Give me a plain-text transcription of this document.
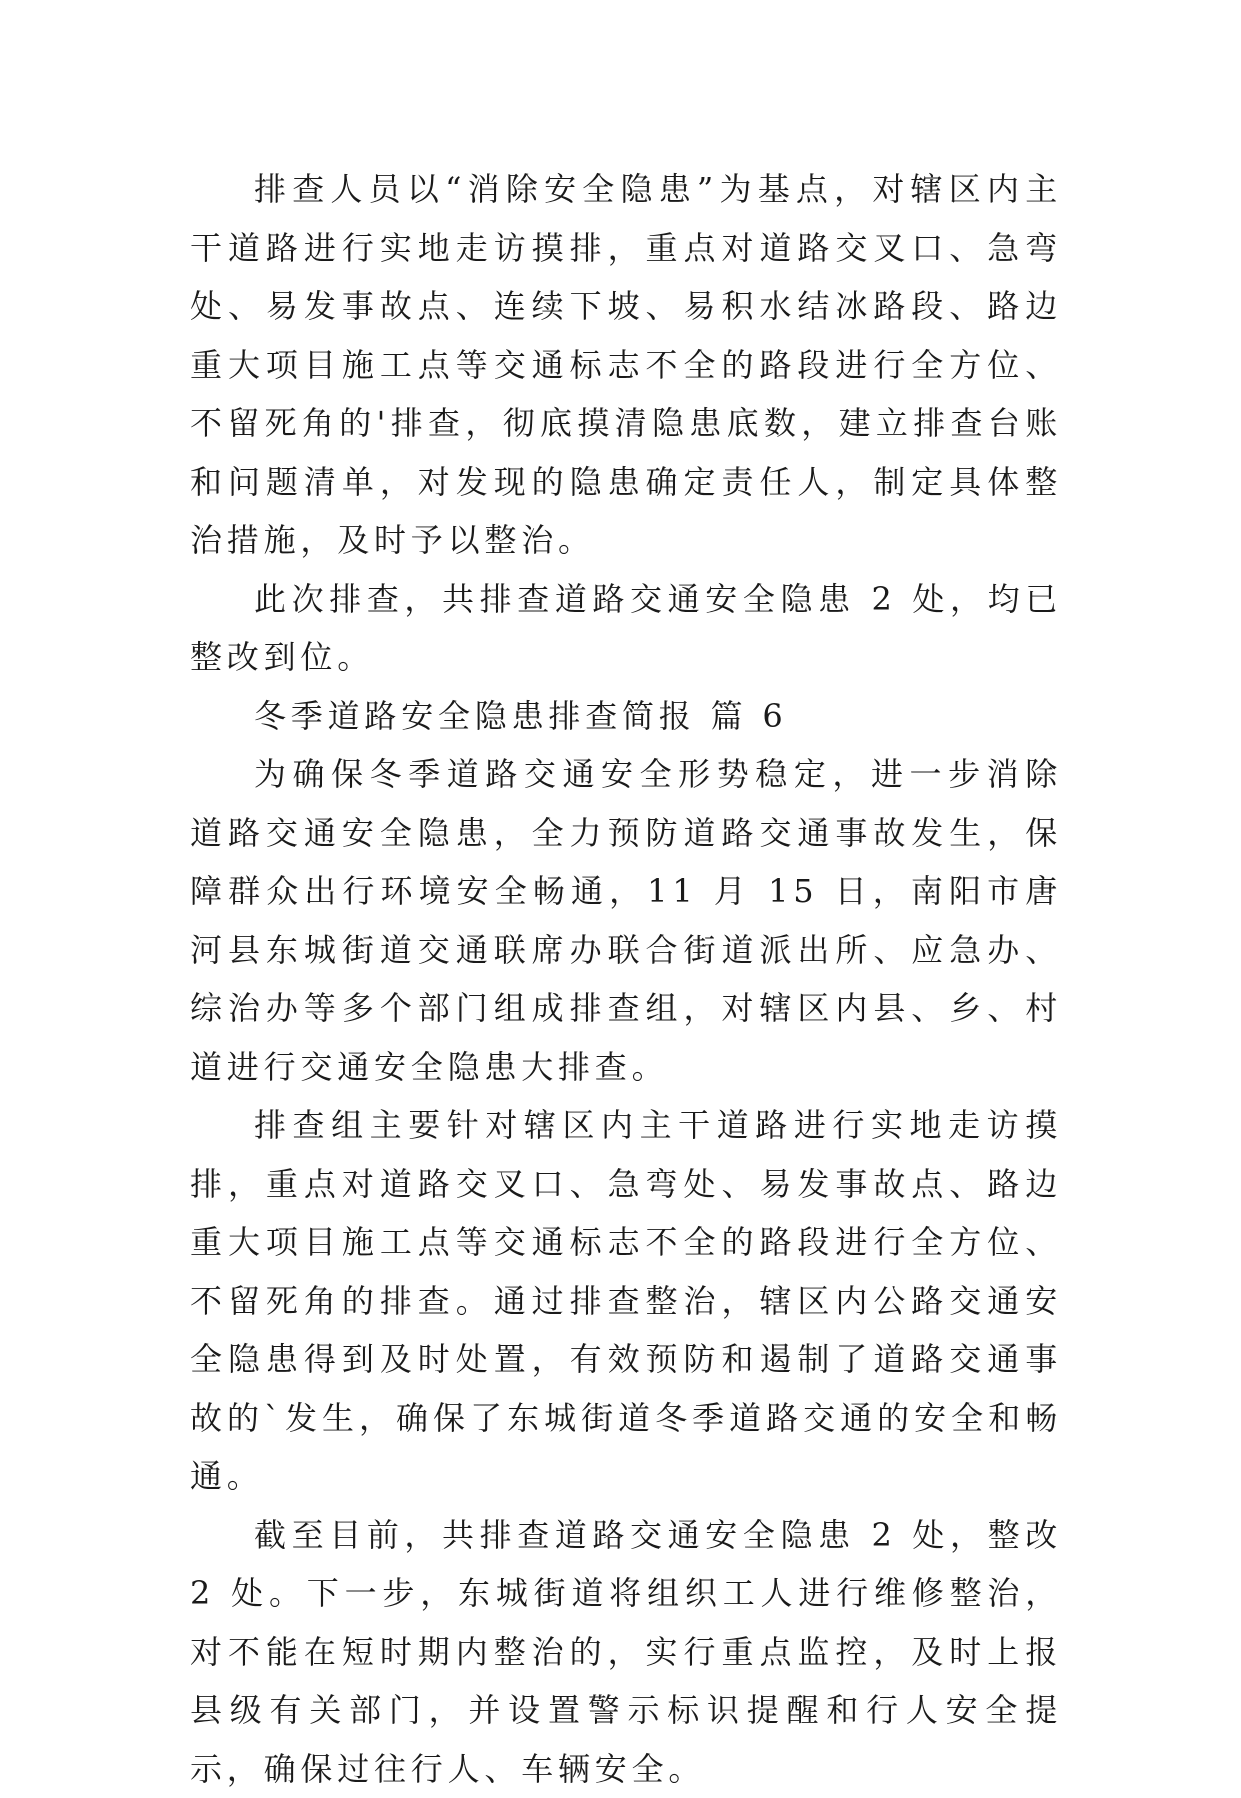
排查人员以“消除安全隐患”为基点，对辖区内主干道路进行实地走访摸排，重点对道路交叉口、急弯处、易发事故点、连续下坡、易积水结冰路段、路边重大项目施工点等交通标志不全的路段进行全方位、不留死角的'排查，彻底摸清隐患底数，建立排查台账和问题清单，对发现的隐患确定责任人，制定具体整治措施，及时予以整治。

此次排查，共排查道路交通安全隐患 2 处，均已整改到位。

冬季道路安全隐患排查简报 篇 6

为确保冬季道路交通安全形势稳定，进一步消除道路交通安全隐患，全力预防道路交通事故发生，保障群众出行环境安全畅通，11 月 15 日，南阳市唐河县东城街道交通联席办联合街道派出所、应急办、综治办等多个部门组成排查组，对辖区内县、乡、村道进行交通安全隐患大排查。

排查组主要针对辖区内主干道路进行实地走访摸排，重点对道路交叉口、急弯处、易发事故点、路边重大项目施工点等交通标志不全的路段进行全方位、不留死角的排查。通过排查整治，辖区内公路交通安全隐患得到及时处置，有效预防和遏制了道路交通事故的`发生，确保了东城街道冬季道路交通的安全和畅通。

截至目前，共排查道路交通安全隐患 2 处，整改 2 处。下一步，东城街道将组织工人进行维修整治，对不能在短时期内整治的，实行重点监控，及时上报县级有关部门，并设置警示标识提醒和行人安全提示，确保过往行人、车辆安全。
